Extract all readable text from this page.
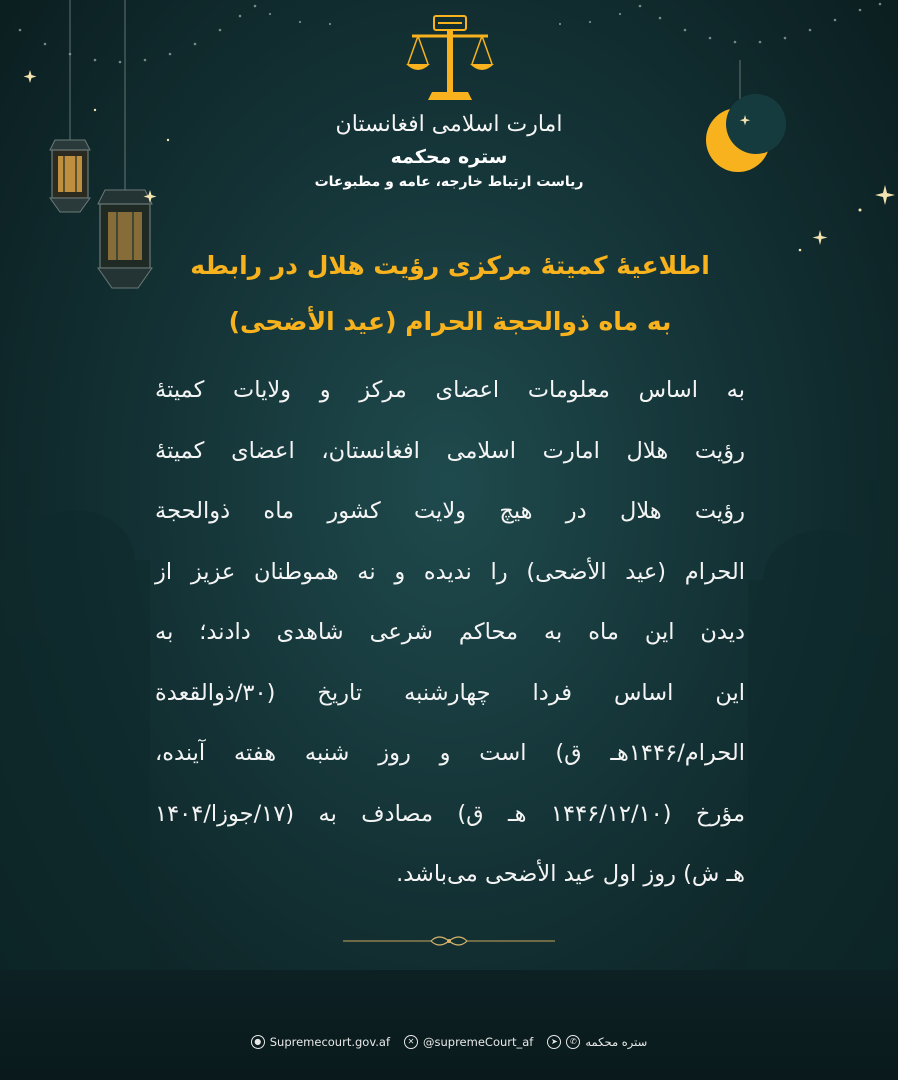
امارت اسلامی افغانستان
ستره محکمه
ریاست ارتباط خارجه، عامه و مطبوعات
اطلاعیۀ کمیتۀ مرکزی رؤیت هلال در رابطه
به ماه ذوالحجة الحرام (عید الأضحی)
به اساس معلومات اعضای مرکز و ولایات کمیتۀ
رؤیت هلال امارت اسلامی افغانستان، اعضای کمیتۀ
رؤیت هلال در هیچ ولایت کشور ماه ذوالحجة
الحرام (عید الأضحی) را ندیده و نه هموطنان عزیز از
دیدن این ماه به محاکم شرعی شاهدی دادند؛ به
این اساس فردا چهارشنبه تاریخ (۳۰/ذوالقعدة
الحرام/۱۴۴۶هـ ق) است و روز شنبه هفته آینده،
مؤرخ (۱۴۴۶/۱۲/۱۰ هـ ق) مصادف به (۱۷/جوزا/۱۴۰۴
هـ ش) روز اول عید الأضحی می‌باشد.
● Supremecourt.gov.af	✕ @supremeCourt_af	➤	✆ ستره محکمه
